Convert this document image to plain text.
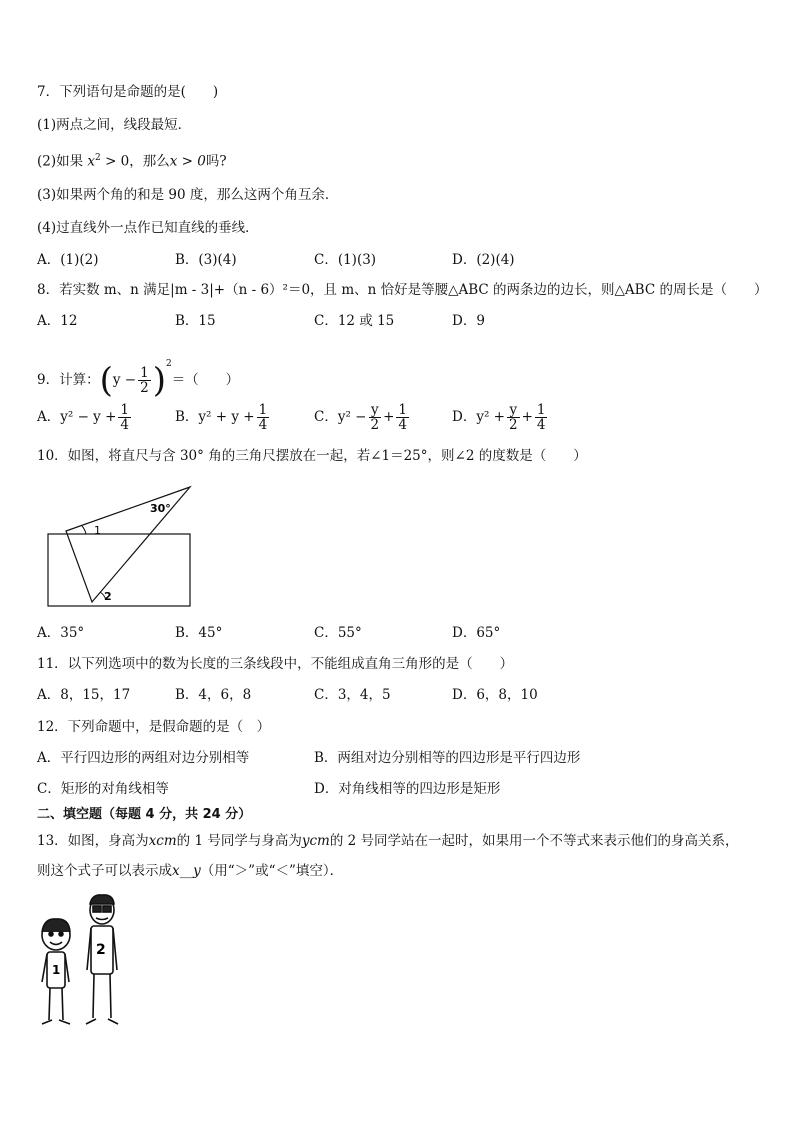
7．下列语句是命题的是(　　)
(1)两点之间，线段最短．
(2)如果 $x^2 > 0$，那么x > 0吗?
(3)如果两个角的和是 90 度，那么这两个角互余．
(4)过直线外一点作已知直线的垂线．
A．(1)(2)	B．(3)(4)	C．(1)(3)	D．(2)(4)
8．若实数 m、n 满足|m - 3|+（n - 6）²＝0，且 m、n 恰好是等腰△ABC 的两条边的边长，则△ABC 的周长是（　　）
A．12	B．15	C．12 或 15	D．9
9．计算：$(y - \frac{1}{2} )^2=$（　　）
A．$y^2 - y + \frac{1}{4}$	B．$y^2 + y + \frac{1}{4}$	C．$y^2 - \frac{y}{2} + \frac{1}{4}$	D．$y^2 + \frac{y}{2} + \frac{1}{4}$
10．如图，将直尺与含 30° 角的三角尺摆放在一起，若∠1＝25°，则∠2 的度数是（　　）
1
30°
2
A．35°	B．45°	C．55°	D．65°
11．以下列选项中的数为长度的三条线段中，不能组成直角三角形的是（　　）
A．8，15，17	B．4，6，8	C．3，4，5	D．6，8，10
12．下列命题中，是假命题的是（　）
A．平行四边形的两组对边分别相等	B．两组对边分别相等的四边形是平行四边形
C．矩形的对角线相等	D．对角线相等的四边形是矩形
二、填空题（每题 4 分，共 24 分）
13．如图，身高为xcm的 1 号同学与身高为ycm的 2 号同学站在一起时，如果用一个不等式来表示他们的身高关系，
则这个式子可以表示成x__y（用“＞”或“＜”填空）．
1
2
